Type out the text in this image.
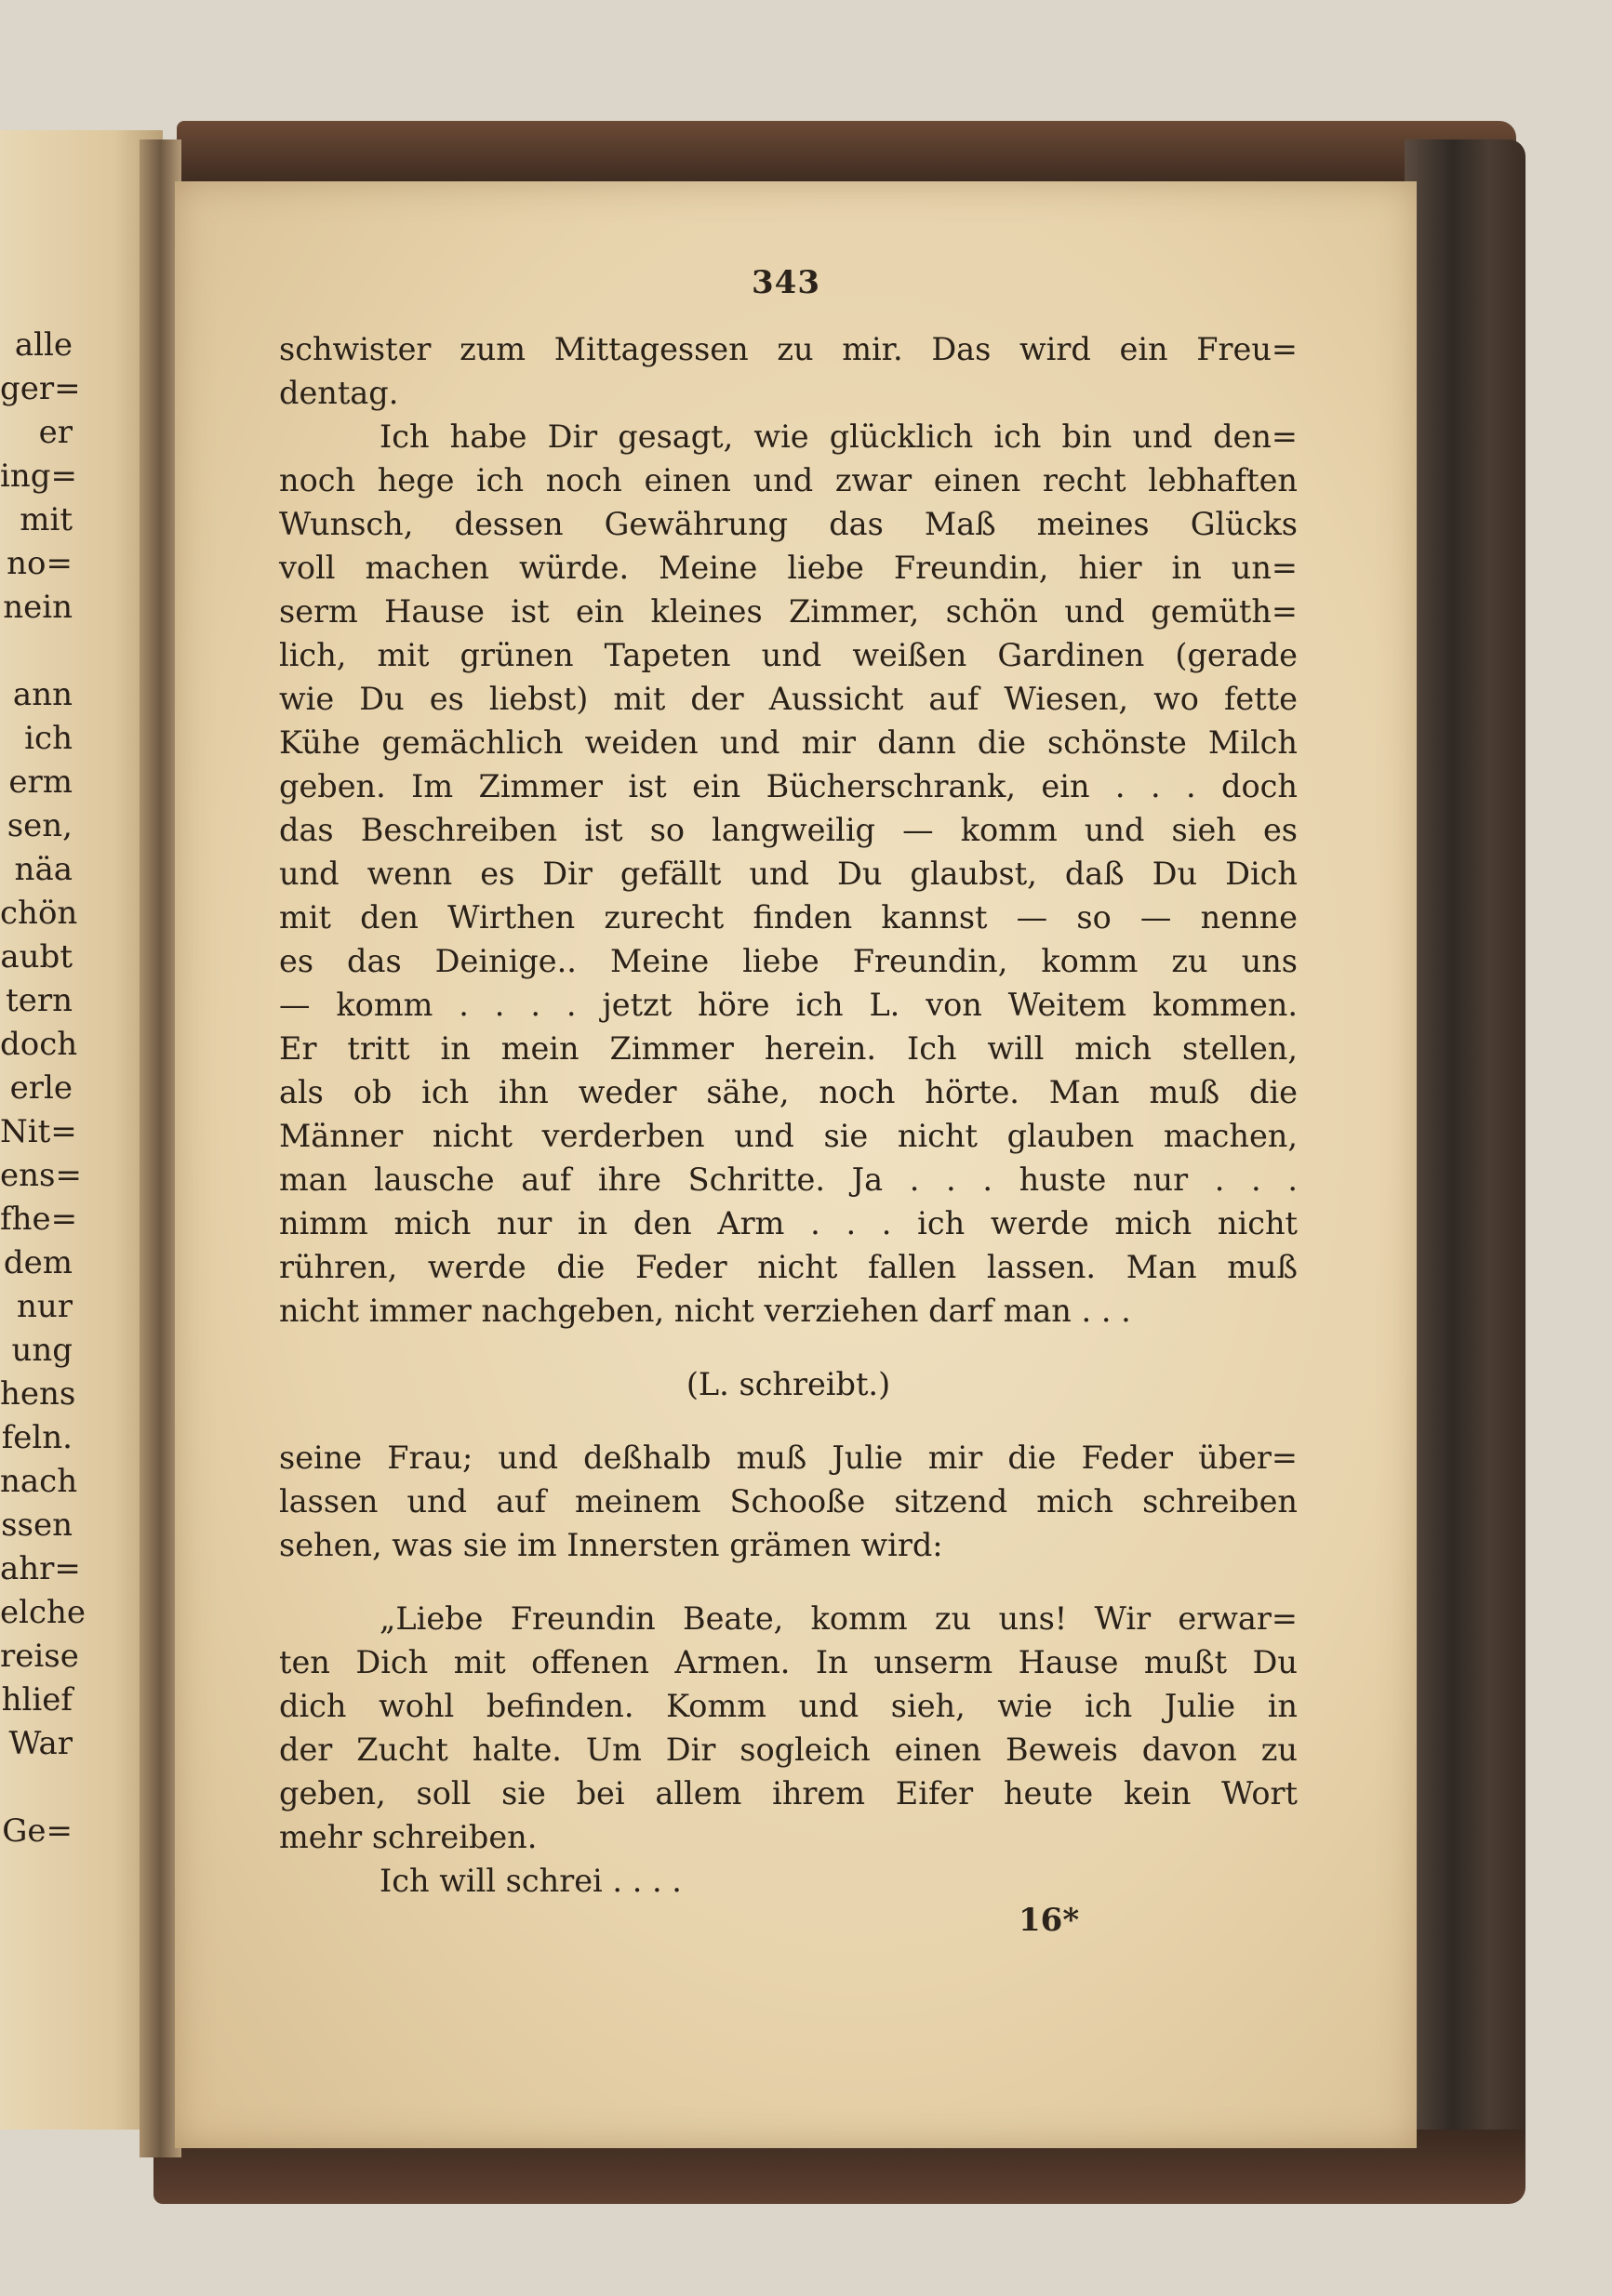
alle
ger=
er
ing=
mit
no=
nein
ann
ich
erm
sen,
näa
chön
aubt
tern
doch
erle
Nit=
ens=
fhe=
dem
nur
ung
hens
feln.
nach
ssen
ahr=
elche
reise
hlief
War
Ge=
343
schwister zum Mittagessen zu mir. Das wird ein Freu=
dentag.
Ich habe Dir gesagt, wie glücklich ich bin und den=
noch hege ich noch einen und zwar einen recht lebhaften
Wunsch, dessen Gewährung das Maß meines Glücks
voll machen würde. Meine liebe Freundin, hier in un=
serm Hause ist ein kleines Zimmer, schön und gemüth=
lich, mit grünen Tapeten und weißen Gardinen (gerade
wie Du es liebst) mit der Aussicht auf Wiesen, wo fette
Kühe gemächlich weiden und mir dann die schönste Milch
geben. Im Zimmer ist ein Bücherschrank, ein . . . doch
das Beschreiben ist so langweilig — komm und sieh es
und wenn es Dir gefällt und Du glaubst, daß Du Dich
mit den Wirthen zurecht finden kannst — so — nenne
es das Deinige.. Meine liebe Freundin, komm zu uns
— komm . . . . jetzt höre ich L. von Weitem kommen.
Er tritt in mein Zimmer herein. Ich will mich stellen,
als ob ich ihn weder sähe, noch hörte. Man muß die
Männer nicht verderben und sie nicht glauben machen,
man lausche auf ihre Schritte. Ja . . . huste nur . . .
nimm mich nur in den Arm . . . ich werde mich nicht
rühren, werde die Feder nicht fallen lassen. Man muß
nicht immer nachgeben, nicht verziehen darf man . . .
(L. schreibt.)
seine Frau; und deßhalb muß Julie mir die Feder über=
lassen und auf meinem Schooße sitzend mich schreiben
sehen, was sie im Innersten grämen wird:
„Liebe Freundin Beate, komm zu uns! Wir erwar=
ten Dich mit offenen Armen. In unserm Hause mußt Du
dich wohl befinden. Komm und sieh, wie ich Julie in
der Zucht halte. Um Dir sogleich einen Beweis davon zu
geben, soll sie bei allem ihrem Eifer heute kein Wort
mehr schreiben.
Ich will schrei . . . .
16*
